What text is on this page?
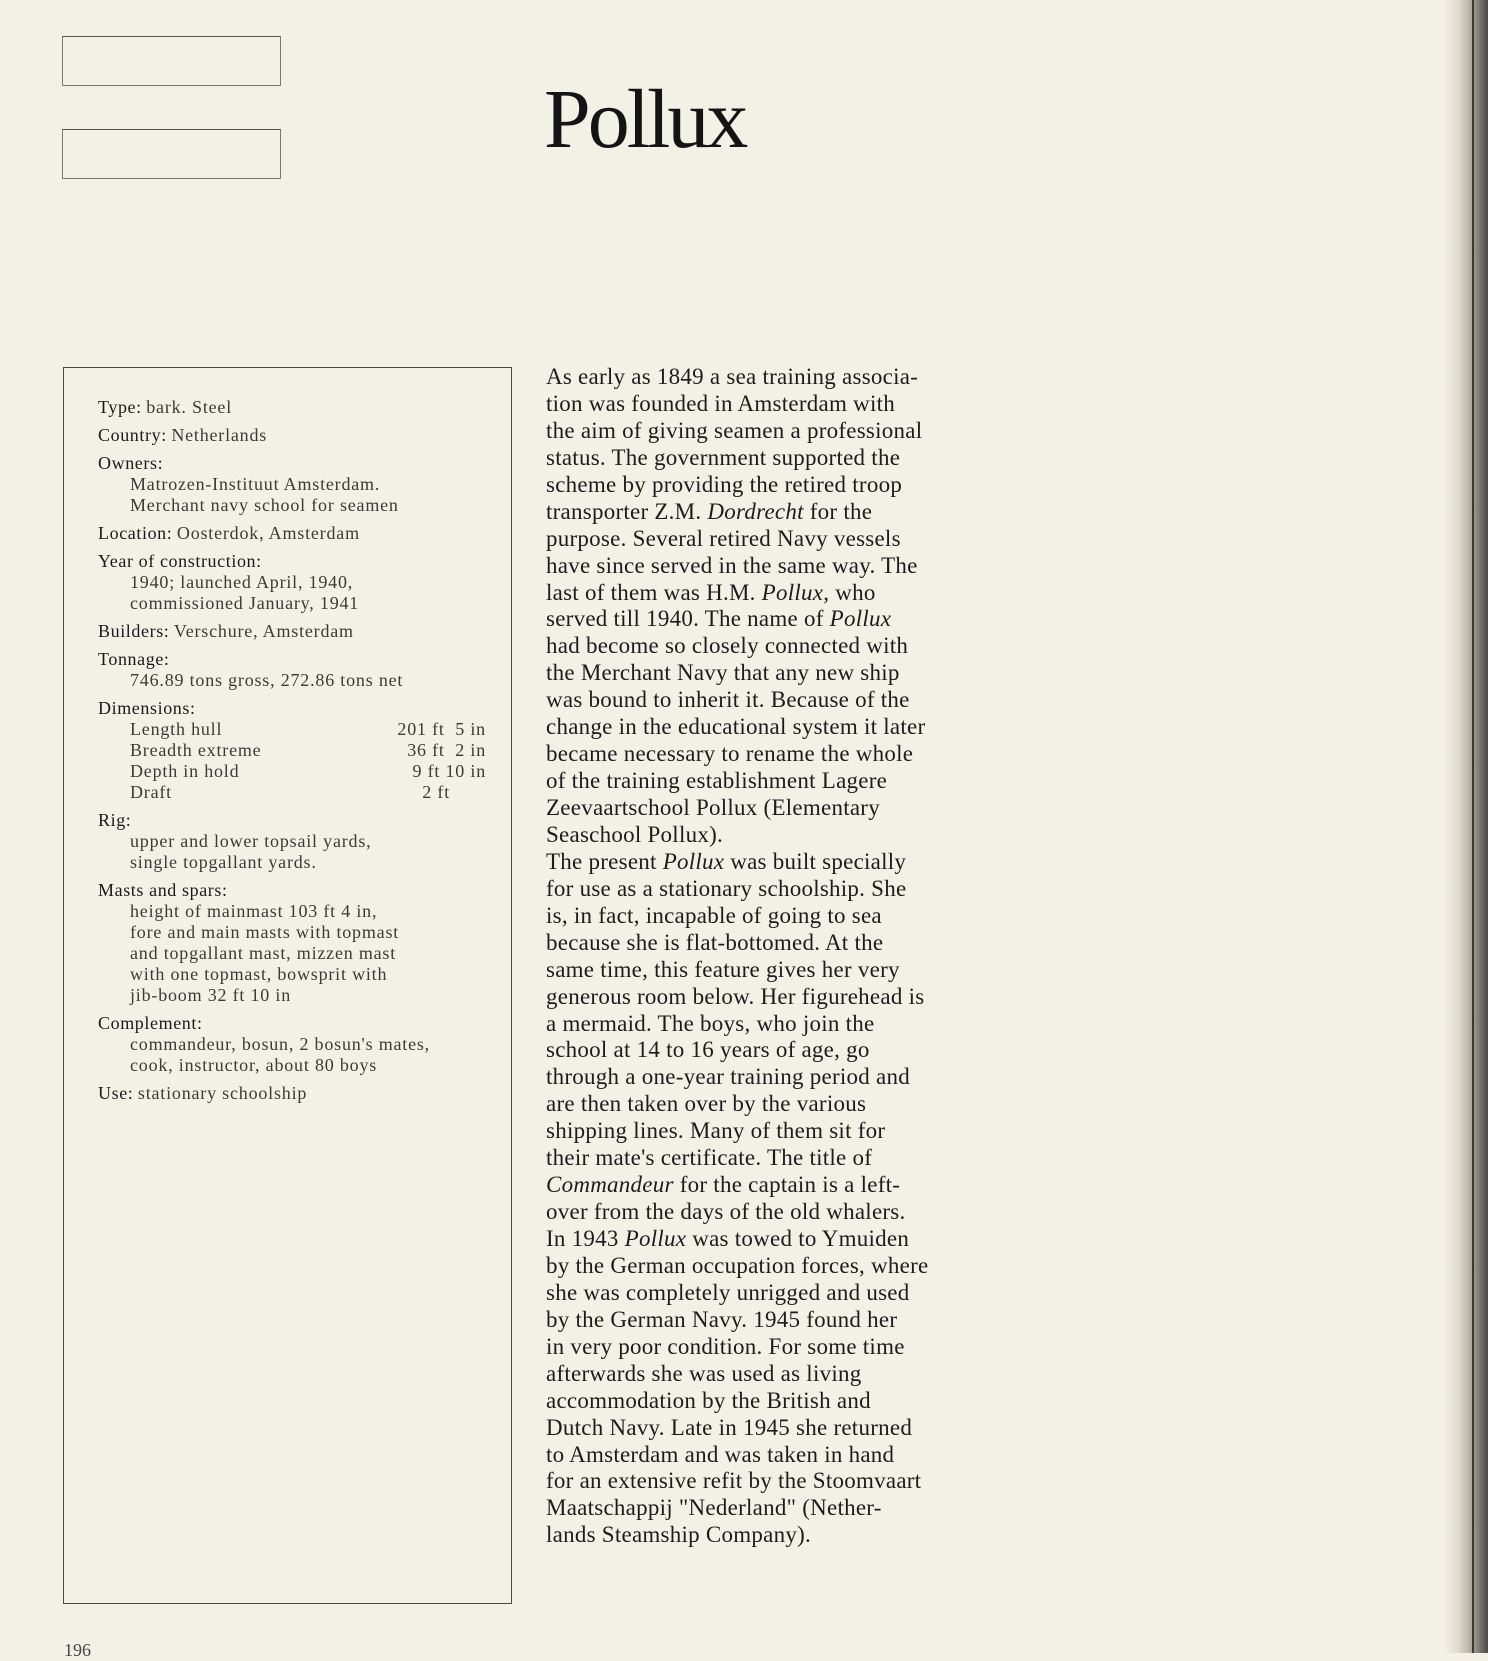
Pollux
Type: bark. Steel
Country: Netherlands
Owners:
Matrozen-Instituut Amsterdam.
Merchant navy school for seamen
Location: Oosterdok, Amsterdam
Year of construction:
1940; launched April, 1940,
commissioned January, 1941
Builders: Verschure, Amsterdam
Tonnage:
746.89 tons gross, 272.86 tons net
Dimensions:
Length hull	201 ft  5 in
Breadth extreme	36 ft  2 in
Depth in hold	9 ft 10 in
Draft	2 ft
Rig:
upper and lower topsail yards,
single topgallant yards.
Masts and spars:
height of mainmast 103 ft 4 in,
fore and main masts with topmast
and topgallant mast, mizzen mast
with one topmast, bowsprit with
jib-boom 32 ft 10 in
Complement:
commandeur, bosun, 2 bosun's mates,
cook, instructor, about 80 boys
Use: stationary schoolship
As early as 1849 a sea training associa-
tion was founded in Amsterdam with
the aim of giving seamen a professional
status. The government supported the
scheme by providing the retired troop
transporter Z.M. Dordrecht for the
purpose. Several retired Navy vessels
have since served in the same way. The
last of them was H.M. Pollux, who
served till 1940. The name of Pollux
had become so closely connected with
the Merchant Navy that any new ship
was bound to inherit it. Because of the
change in the educational system it later
became necessary to rename the whole
of the training establishment Lagere
Zeevaartschool Pollux (Elementary
Seaschool Pollux).
The present Pollux was built specially
for use as a stationary schoolship. She
is, in fact, incapable of going to sea
because she is flat-bottomed. At the
same time, this feature gives her very
generous room below. Her figurehead is
a mermaid. The boys, who join the
school at 14 to 16 years of age, go
through a one-year training period and
are then taken over by the various
shipping lines. Many of them sit for
their mate's certificate. The title of
Commandeur for the captain is a left-
over from the days of the old whalers.
In 1943 Pollux was towed to Ymuiden
by the German occupation forces, where
she was completely unrigged and used
by the German Navy. 1945 found her
in very poor condition. For some time
afterwards she was used as living
accommodation by the British and
Dutch Navy. Late in 1945 she returned
to Amsterdam and was taken in hand
for an extensive refit by the Stoomvaart
Maatschappij "Nederland" (Nether-
lands Steamship Company).
196
